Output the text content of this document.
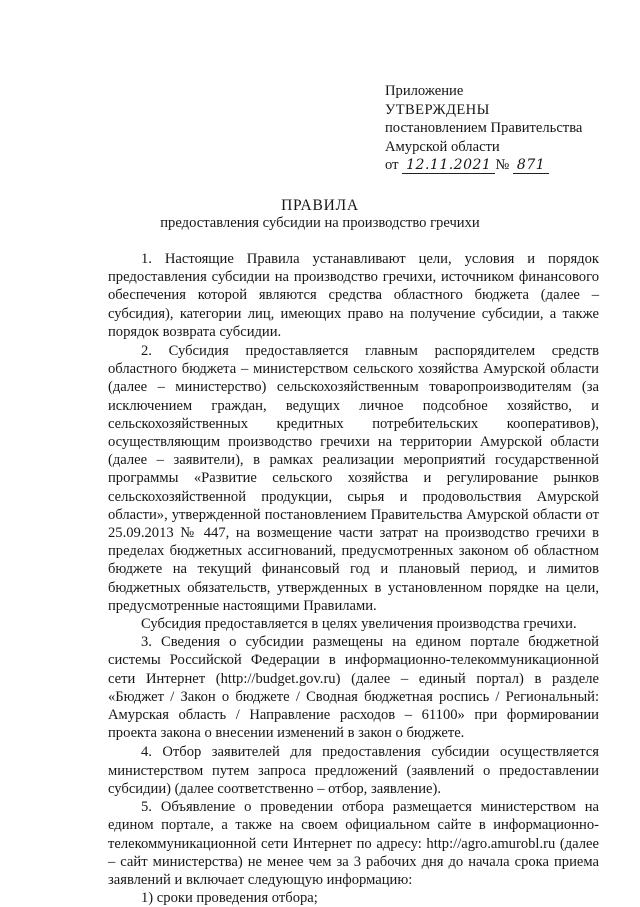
Приложение
УТВЕРЖДЕНЫ
постановлением Правительства
Амурской области
от 12.11.2021 № 871
ПРАВИЛА
предоставления субсидии на производство гречихи

1. Настоящие Правила устанавливают цели, условия и порядок предоставления субсидии на производство гречихи, источником финансового обеспечения которой являются средства областного бюджета (далее – субсидия), категории лиц, имеющих право на получение субсидии, а также порядок возврата субсидии.

2. Субсидия предоставляется главным распорядителем средств областного бюджета – министерством сельского хозяйства Амурской области (далее – министерство) сельскохозяйственным товаропроизводителям (за исключением граждан, ведущих личное подсобное хозяйство, и сельскохозяйственных кредитных потребительских кооперативов), осуществляющим производство гречихи на территории Амурской области (далее – заявители), в рамках реализации мероприятий государственной программы «Развитие сельского хозяйства и регулирование рынков сельскохозяйственной продукции, сырья и продовольствия Амурской области», утвержденной постановлением Правительства Амурской области от 25.09.2013 № 447, на возмещение части затрат на производство гречихи в пределах бюджетных ассигнований, предусмотренных законом об областном бюджете на текущий финансовый год и плановый период, и лимитов бюджетных обязательств, утвержденных в установленном порядке на цели, предусмотренные настоящими Правилами.

Субсидия предоставляется в целях увеличения производства гречихи.

3. Сведения о субсидии размещены на едином портале бюджетной системы Российской Федерации в информационно-телекоммуникационной сети Интернет (http://budget.gov.ru) (далее – единый портал) в разделе «Бюджет / Закон о бюджете / Сводная бюджетная роспись / Региональный: Амурская область / Направление расходов – 61100» при формировании проекта закона о внесении изменений в закон о бюджете.

4. Отбор заявителей для предоставления субсидии осуществляется министерством путем запроса предложений (заявлений о предоставлении субсидии) (далее соответственно – отбор, заявление).

5. Объявление о проведении отбора размещается министерством на едином портале, а также на своем официальном сайте в информационно-телекоммуникационной сети Интернет по адресу: http://agro.amurobl.ru (далее – сайт министерства) не менее чем за 3 рабочих дня до начала срока приема заявлений и включает следующую информацию:

1) сроки проведения отбора;
